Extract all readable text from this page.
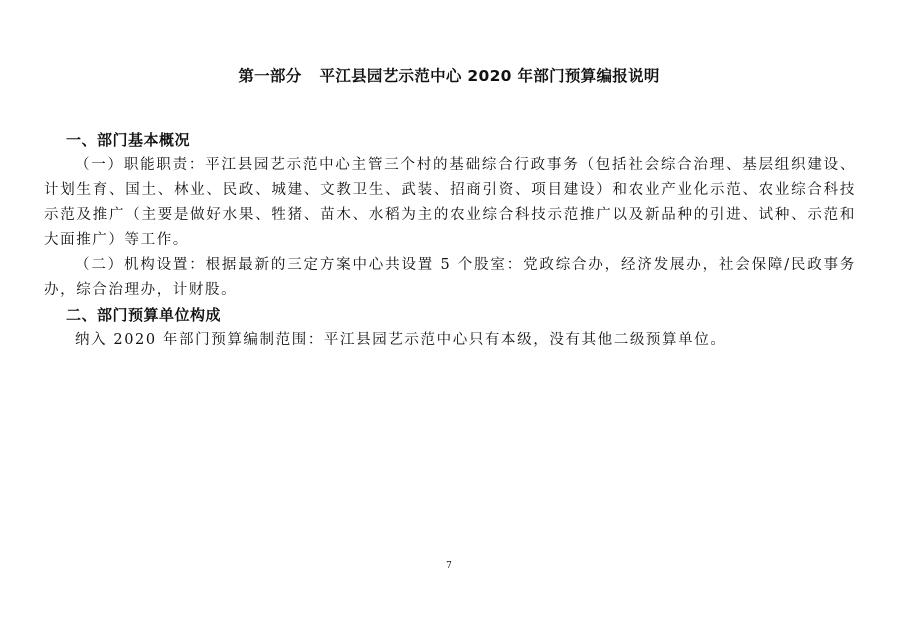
第一部分 平江县园艺示范中心 2020 年部门预算编报说明
一、部门基本概况
（一）职能职责：平江县园艺示范中心主管三个村的基础综合行政事务（包括社会综合治理、基层组织建设、计划生育、国土、林业、民政、城建、文教卫生、武装、招商引资、项目建设）和农业产业化示范、农业综合科技示范及推广（主要是做好水果、牲猪、苗木、水稻为主的农业综合科技示范推广以及新品种的引进、试种、示范和大面推广）等工作。
（二）机构设置：根据最新的三定方案中心共设置 5 个股室：党政综合办，经济发展办，社会保障/民政事务办，综合治理办，计财股。
二、部门预算单位构成
纳入 2020 年部门预算编制范围：平江县园艺示范中心只有本级，没有其他二级预算单位。
7
